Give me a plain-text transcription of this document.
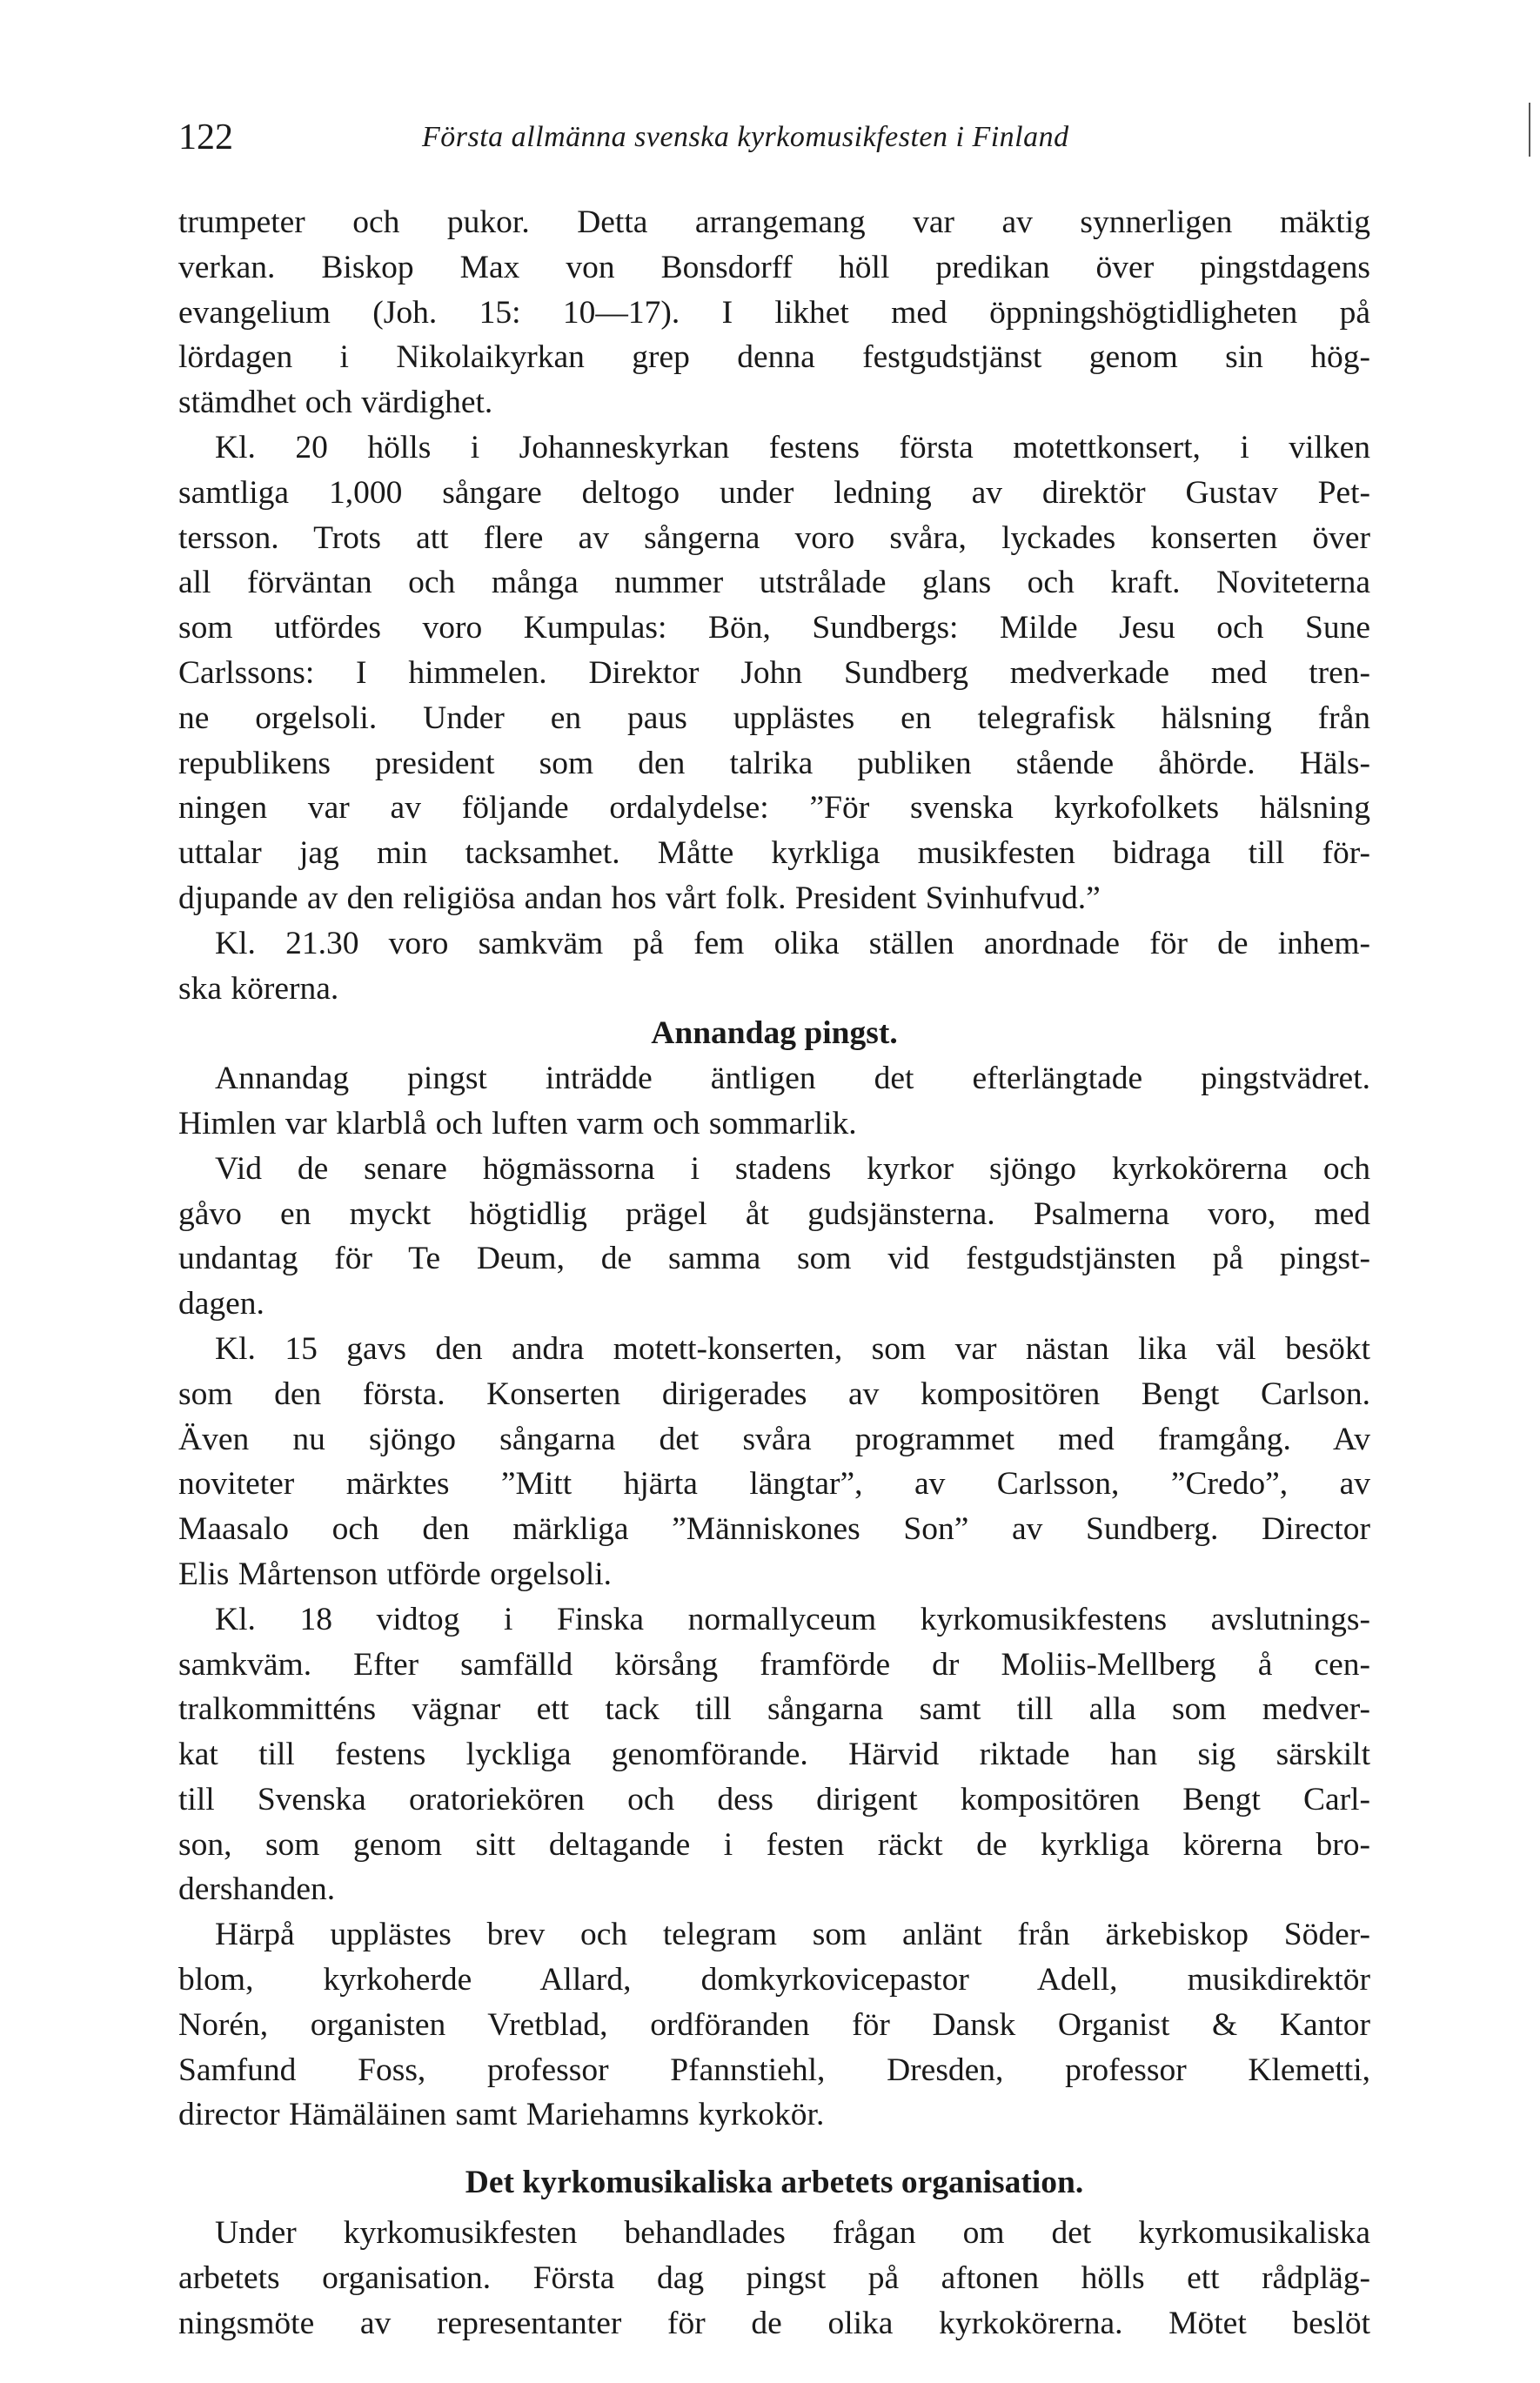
122	Första allmänna svenska kyrkomusikfesten i Finland
trumpeter och pukor. Detta arrangemang var av synnerligen mäktig
verkan. Biskop Max von Bonsdorff höll predikan över pingstdagens
evangelium (Joh. 15: 10—17). I likhet med öppningshögtidligheten på
lördagen i Nikolaikyrkan grep denna festgudstjänst genom sin hög-
stämdhet och värdighet.
Kl. 20 hölls i Johanneskyrkan festens första motettkonsert, i vilken
samtliga 1,000 sångare deltogo under ledning av direktör Gustav Pet-
tersson. Trots att flere av sångerna voro svåra, lyckades konserten över
all förväntan och många nummer utstrålade glans och kraft. Noviteterna
som utfördes voro Kumpulas: Bön, Sundbergs: Milde Jesu och Sune
Carlssons: I himmelen. Direktor John Sundberg medverkade med tren-
ne orgelsoli. Under en paus upplästes en telegrafisk hälsning från
republikens president som den talrika publiken stående åhörde. Häls-
ningen var av följande ordalydelse: ”För svenska kyrkofolkets hälsning
uttalar jag min tacksamhet. Måtte kyrkliga musikfesten bidraga till för-
djupande av den religiösa andan hos vårt folk. President Svinhufvud.”
Kl. 21.30 voro samkväm på fem olika ställen anordnade för de inhem-
ska körerna.
Annandag pingst.
Annandag pingst inträdde äntligen det efterlängtade pingstvädret.
Himlen var klarblå och luften varm och sommarlik.
Vid de senare högmässorna i stadens kyrkor sjöngo kyrkokörerna och
gåvo en myckt högtidlig prägel åt gudsjänsterna. Psalmerna voro, med
undantag för Te Deum, de samma som vid festgudstjänsten på pingst-
dagen.
Kl. 15 gavs den andra motett-konserten, som var nästan lika väl besökt
som den första. Konserten dirigerades av kompositören Bengt Carlson.
Även nu sjöngo sångarna det svåra programmet med framgång. Av
noviteter märktes ”Mitt hjärta längtar”, av Carlsson, ”Credo”, av
Maasalo och den märkliga ”Människones Son” av Sundberg. Director
Elis Mårtenson utförde orgelsoli.
Kl. 18 vidtog i Finska normallyceum kyrkomusikfestens avslutnings-
samkväm. Efter samfälld körsång framförde dr Moliis-Mellberg å cen-
tralkommitténs vägnar ett tack till sångarna samt till alla som medver-
kat till festens lyckliga genomförande. Härvid riktade han sig särskilt
till Svenska oratoriekören och dess dirigent kompositören Bengt Carl-
son, som genom sitt deltagande i festen räckt de kyrkliga körerna bro-
dershanden.
Härpå upplästes brev och telegram som anlänt från ärkebiskop Söder-
blom, kyrkoherde Allard, domkyrkovicepastor Adell, musikdirektör
Norén, organisten Vretblad, ordföranden för Dansk Organist & Kantor
Samfund Foss, professor Pfannstiehl, Dresden, professor Klemetti,
director Hämäläinen samt Mariehamns kyrkokör.
Det kyrkomusikaliska arbetets organisation.
Under kyrkomusikfesten behandlades frågan om det kyrkomusikaliska
arbetets organisation. Första dag pingst på aftonen hölls ett rådpläg-
ningsmöte av representanter för de olika kyrkokörerna. Mötet beslöt
